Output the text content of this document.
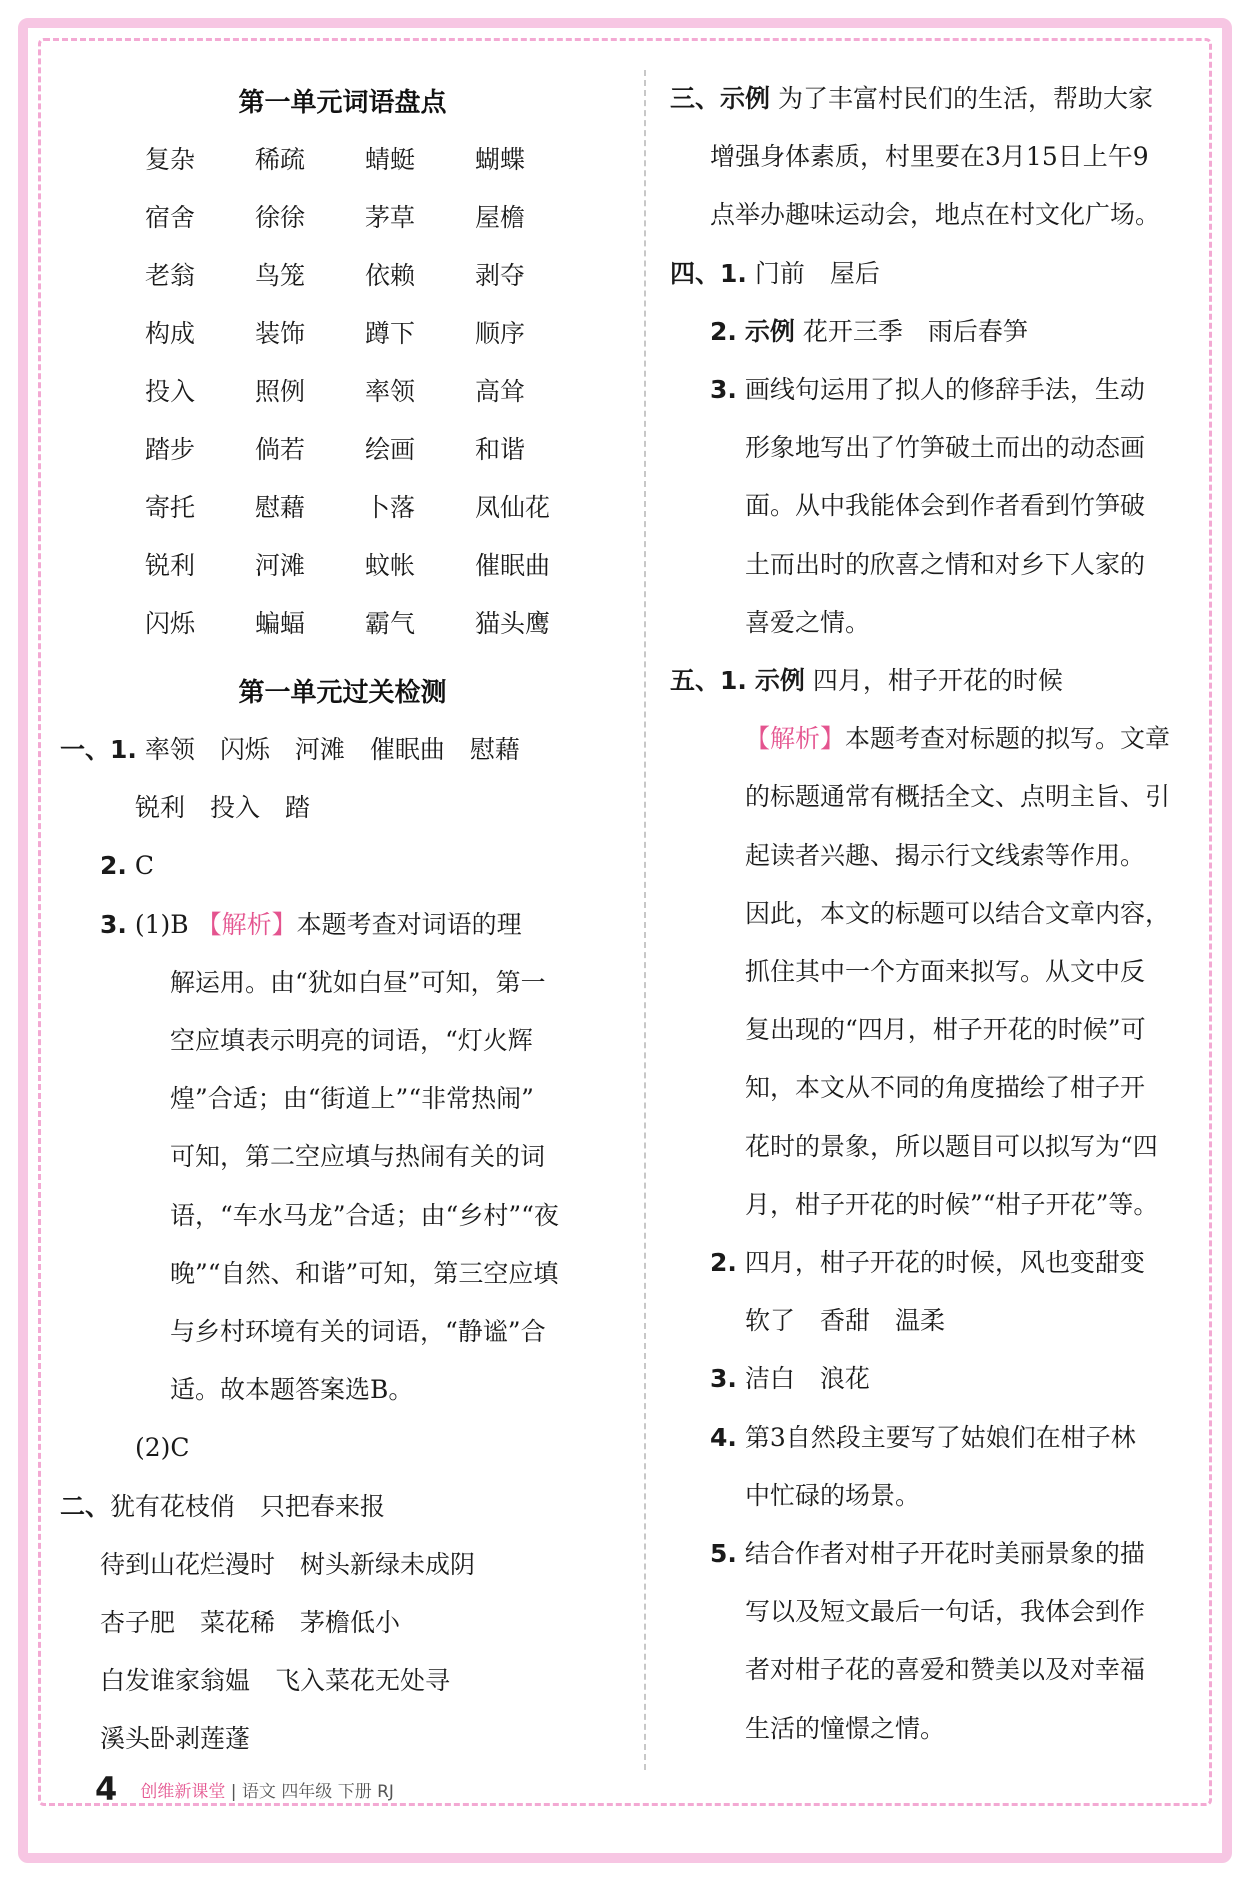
第一单元词语盘点
复杂	稀疏	蜻蜓	蝴蝶
宿舍	徐徐	茅草	屋檐
老翁	鸟笼	依赖	剥夺
构成	装饰	蹲下	顺序
投入	照例	率领	高耸
踏步	倘若	绘画	和谐
寄托	慰藉	卜落	凤仙花
锐利	河滩	蚊帐	催眠曲
闪烁	蝙蝠	霸气	猫头鹰
第一单元过关检测
一、1. 率领　闪烁　河滩　催眠曲　慰藉
锐利　投入　踏
2. C
3. (1)B 【解析】本题考查对词语的理
解运用。由“犹如白昼”可知，第一
空应填表示明亮的词语，“灯火辉
煌”合适；由“街道上”“非常热闹”
可知，第二空应填与热闹有关的词
语，“车水马龙”合适；由“乡村”“夜
晚”“自然、和谐”可知，第三空应填
与乡村环境有关的词语，“静谧”合
适。故本题答案选B。
(2)C
二、犹有花枝俏　只把春来报
待到山花烂漫时　树头新绿未成阴
杏子肥　菜花稀　茅檐低小
白发谁家翁媪　飞入菜花无处寻
溪头卧剥莲蓬
三、示例 为了丰富村民们的生活，帮助大家
增强身体素质，村里要在3月15日上午9
点举办趣味运动会，地点在村文化广场。
四、1. 门前　屋后
2. 示例 花开三季　雨后春笋
3. 画线句运用了拟人的修辞手法，生动
形象地写出了竹笋破土而出的动态画
面。从中我能体会到作者看到竹笋破
土而出时的欣喜之情和对乡下人家的
喜爱之情。
五、1. 示例 四月，柑子开花的时候
【解析】本题考查对标题的拟写。文章
的标题通常有概括全文、点明主旨、引
起读者兴趣、揭示行文线索等作用。
因此，本文的标题可以结合文章内容，
抓住其中一个方面来拟写。从文中反
复出现的“四月，柑子开花的时候”可
知，本文从不同的角度描绘了柑子开
花时的景象，所以题目可以拟写为“四
月，柑子开花的时候”“柑子开花”等。
2. 四月，柑子开花的时候，风也变甜变
软了　香甜　温柔
3. 洁白　浪花
4. 第3自然段主要写了姑娘们在柑子林
中忙碌的场景。
5. 结合作者对柑子开花时美丽景象的描
写以及短文最后一句话，我体会到作
者对柑子花的喜爱和赞美以及对幸福
生活的憧憬之情。
4 创维新课堂 | 语文 四年级 下册 RJ
